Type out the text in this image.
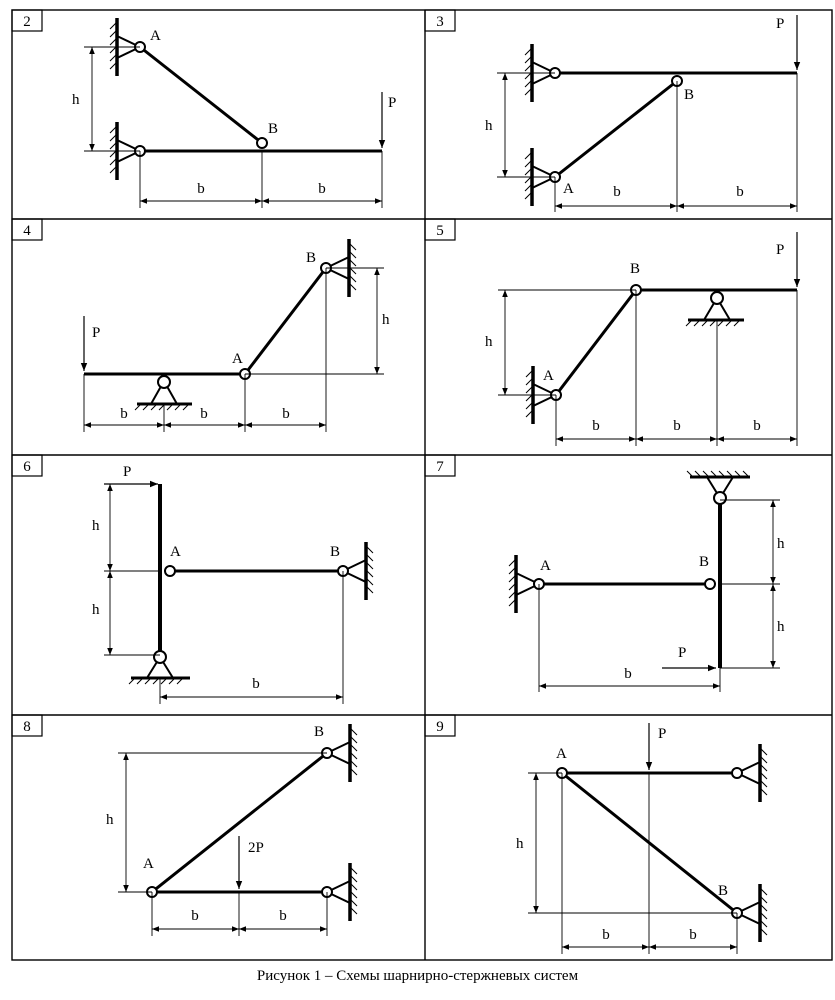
2
A
B
P
h
b	b
3
A
B
P
h
b	b
4
A
B
P
h
b	b	b
5
A
B
P
h
b	b	b
6
A	B
P
h
h
b
7
A	B
P
h
h
b
8
A
B
2P
h
b	b
9
A
B
P
h
b	b
Рисунок 1 – Схемы шарнирно-стержневых систем
